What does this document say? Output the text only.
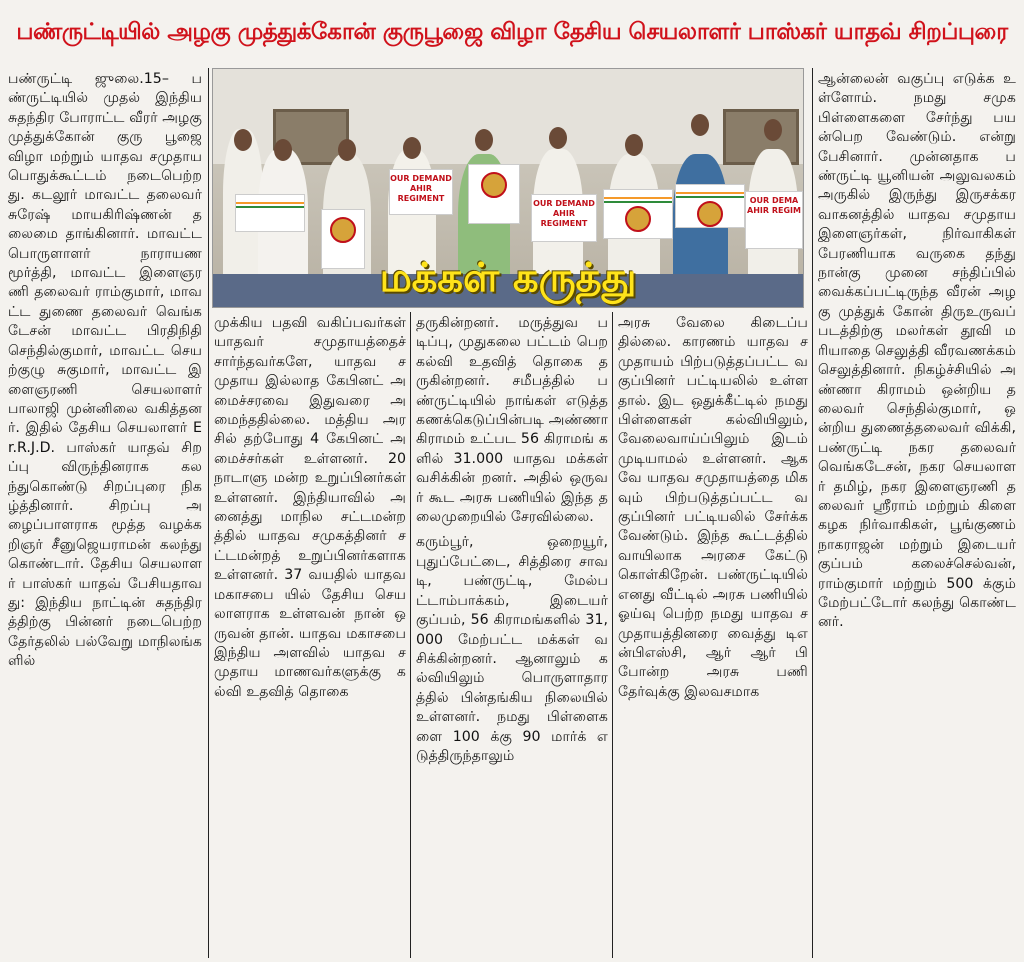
பண்ருட்டியில் அழகு முத்துக்கோன் குருபூஜை விழா தேசிய செயலாளர் பாஸ்கர் யாதவ் சிறப்புரை

பண்ருட்டி ஜுலை.15– பண்ருட்டியில் முதல் இந்திய சுதந்திர போராட்ட வீரர் அழகு முத்துக்கோன் குரு பூஜை விழா மற்றும் யாதவ சமுதாய பொதுக்கூட்டம் நடைபெற்றது. கடலூர் மாவட்ட தலைவர் சுரேஷ் மாயகிரிஷ்ணன் தலைமை தாங்கினார். மாவட்ட பொருளாளர் நாராயண மூர்த்தி, மாவட்ட இளைஞரணி தலைவர் ராம்குமார், மாவட்ட துணை தலைவர் வெங்கடேசன் மாவட்ட பிரதிநிதி செந்தில்குமார், மாவட்ட செயற்குழு சுகுமார், மாவட்ட இளைஞரணி செயலாளர் பாலாஜி முன்னிலை வகித்தனர். இதில் தேசிய செயலாளர் Er.R.J.D. பாஸ்கர் யாதவ் சிறப்பு விருந்தினராக கலந்துகொண்டு சிறப்புரை நிகழ்த்தினார். சிறப்பு அழைப்பாளராக மூத்த வழக்கறிஞர் சீனுஜெயராமன் கலந்து கொண்டார். தேசிய செயலாளர் பாஸ்கர் யாதவ் பேசியதாவது: இந்திய நாட்டின் சுதந்திரத்திற்கு பின்னர் நடைபெற்ற தேர்தலில் பல்வேறு மாநிலங்களில்

OUR DEMAND
AHIR REGIMENT
OUR DEMAND
AHIR REGIMENT
OUR DEMA
AHIR REGIM
மக்கள் கருத்து

முக்கிய பதவி வகிப்பவர்கள் யாதவர் சமுதாயத்தைச் சார்ந்தவர்களே, யாதவ சமுதாய இல்லாத கேபினட் அமைச்சரவை இதுவரை அமைந்ததில்லை. மத்திய அரசில் தற்போது 4 கேபினட் அமைச்சர்கள் உள்ளனர். 20 நாடாளு மன்ற உறுப்பினர்கள் உள்ளனர். இந்தியாவில் அனைத்து மாநில சட்டமன்றத்தில் யாதவ சமுகத்தினர் சட்டமன்றத் உறுப்பினர்களாக உள்ளனர். 37 வயதில் யாதவ மகாசபை யில் தேசிய செயலாளராக உள்ளவன் நான் ஒருவன் தான். யாதவ மகாசபை இந்திய அளவில் யாதவ சமுதாய மாணவர்களுக்கு கல்வி உதவித் தொகை

தருகின்றனர். மருத்துவ படிப்பு, முதுகலை பட்டம் பெற கல்வி உதவித் தொகை தருகின்றனர். சமீபத்தில் பண்ருட்டியில் நாங்கள் எடுத்த கணக்கெடுப்பின்படி அண்ணா கிராமம் உட்பட 56 கிராமங் களில் 31.000 யாதவ மக்கள் வசிக்கின் றனர். அதில் ஒருவர் கூட அரசு பணியில் இந்த தலைமுறையில் சேரவில்லை.

கரும்பூர், ஒறையூர், புதுப்பேட்டை, சித்திரை சாவடி, பண்ருட்டி, மேல்பட்டாம்பாக்கம், இடையர் குப்பம், 56 கிராமங்களில் 31, 000 மேற்பட்ட மக்கள் வசிக்கின்றனர். ஆனாலும் கல்வியிலும் பொருளாதாரத்தில் பின்தங்கிய நிலையில் உள்ளனர். நமது பிள்ளைகளை 100 க்கு 90 மார்க் எடுத்திருந்தாலும்

அரசு வேலை கிடைப்பதில்லை. காரணம் யாதவ சமுதாயம் பிற்படுத்தப்பட்ட வகுப்பினர் பட்டியலில் உள்ளதால். இட ஒதுக்கீட்டில் நமது பிள்ளைகள் கல்வியிலும், வேலைவாய்ப்பிலும் இடம் முடியாமல் உள்ளனர். ஆகவே யாதவ சமுதாயத்தை மிகவும் பிற்படுத்தப்பட்ட வகுப்பினர் பட்டியலில் சேர்க்க வேண்டும். இந்த கூட்டத்தில் வாயிலாக அரசை கேட்டு கொள்கிறேன். பண்ருட்டியில் எனது வீட்டில் அரசு பணியில் ஓய்வு பெற்ற நமது யாதவ சமுதாயத்தினரை வைத்து டிஎன்பிஎஸ்சி, ஆர் ஆர் பி போன்ற அரசு பணி தேர்வுக்கு இலவசமாக

ஆன்லைன் வகுப்பு எடுக்க உள்ளோம். நமது சமுக பிள்ளைகளை சேர்ந்து பயன்பெற வேண்டும். என்று பேசினார். முன்னதாக பண்ருட்டி யூனியன் அலுவலகம் அருகில் இருந்து இருசக்கர வாகனத்தில் யாதவ சமுதாய இளைஞர்கள், நிர்வாகிகள் பேரணியாக வருகை தந்து நான்கு முனை சந்திப்பில் வைக்கப்பட்டிருந்த வீரன் அழகு முத்துக் கோன் திருஉருவப் படத்திற்கு மலர்கள் தூவி மரியாதை செலுத்தி வீரவணக்கம் செலுத்தினார். நிகழ்ச்சியில் அண்ணா கிராமம் ஒன்றிய தலைவர் செந்தில்குமார், ஒன்றிய துணைத்தலைவர் விக்கி, பண்ருட்டி நகர தலைவர் வெங்கடேசன், நகர செயலாளர் தமிழ், நகர இளைஞரணி தலைவர் ஸ்ரீராம் மற்றும் கிளை கழக நிர்வாகிகள், பூங்குணம் நாகராஜன் மற்றும் இடையர் குப்பம் கலைச்செல்வன், ராம்குமார் மற்றும் 500 க்கும் மேற்பட்டோர் கலந்து கொண்டனர்.
